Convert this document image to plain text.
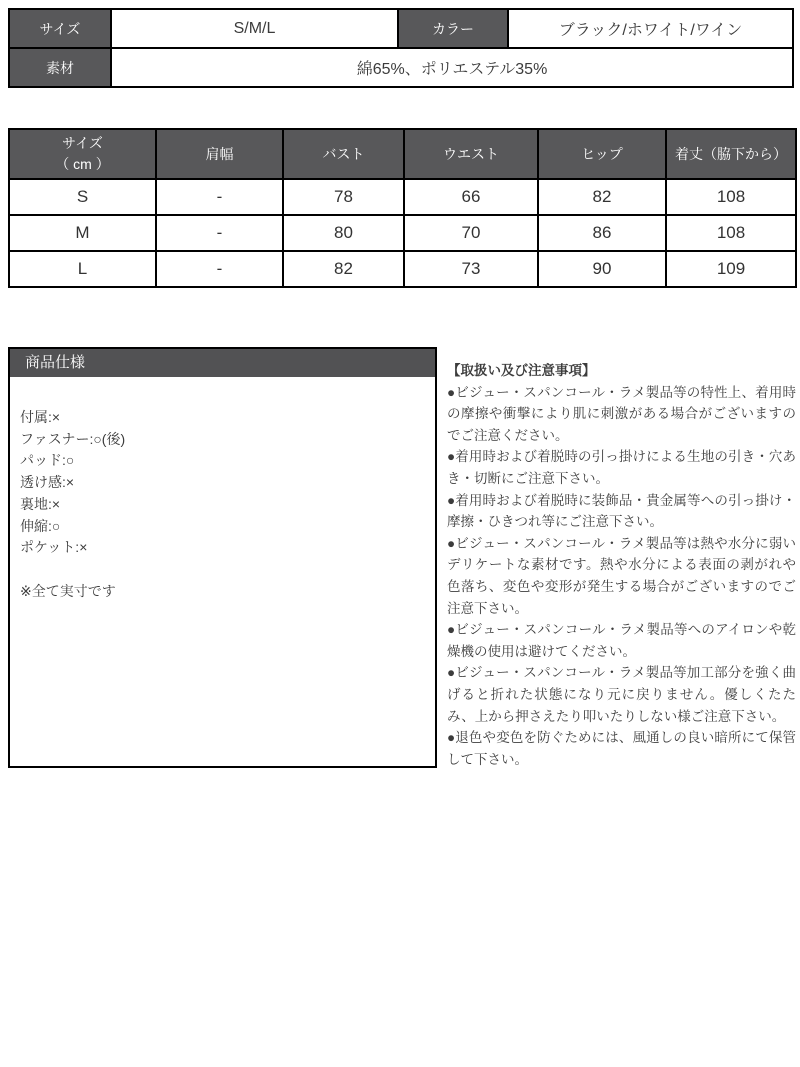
サイズ	S/M/L	カラー	ブラック/ホワイト/ワイン
素材	綿65%、ポリエステル35%		
サイズ
（ cm ）	肩幅	バスト	ウエスト	ヒップ	着丈（脇下から）
S	-	78	66	82	108
M	-	80	70	86	108
L	-	82	73	90	109
商品仕様
付属:×
ファスナー:○(後)
パッド:○
透け感:×
裏地:×
伸縮:○
ポケット:×
※全て実寸です
【取扱い及び注意事項】

●ビジュー・スパンコール・ラメ製品等の特性上、着用時の摩擦や衝撃により肌に刺激がある場合がございますのでご注意ください。

●着用時および着脱時の引っ掛けによる生地の引き・穴あき・切断にご注意下さい。

●着用時および着脱時に装飾品・貴金属等への引っ掛け・摩擦・ひきつれ等にご注意下さい。

●ビジュー・スパンコール・ラメ製品等は熱や水分に弱いデリケートな素材です。熱や水分による表面の剥がれや色落ち、変色や変形が発生する場合がございますのでご注意下さい。

●ビジュー・スパンコール・ラメ製品等へのアイロンや乾燥機の使用は避けてください。

●ビジュー・スパンコール・ラメ製品等加工部分を強く曲げると折れた状態になり元に戻りません。優しくたたみ、上から押さえたり叩いたりしない様ご注意下さい。

●退色や変色を防ぐためには、風通しの良い暗所にて保管して下さい。
